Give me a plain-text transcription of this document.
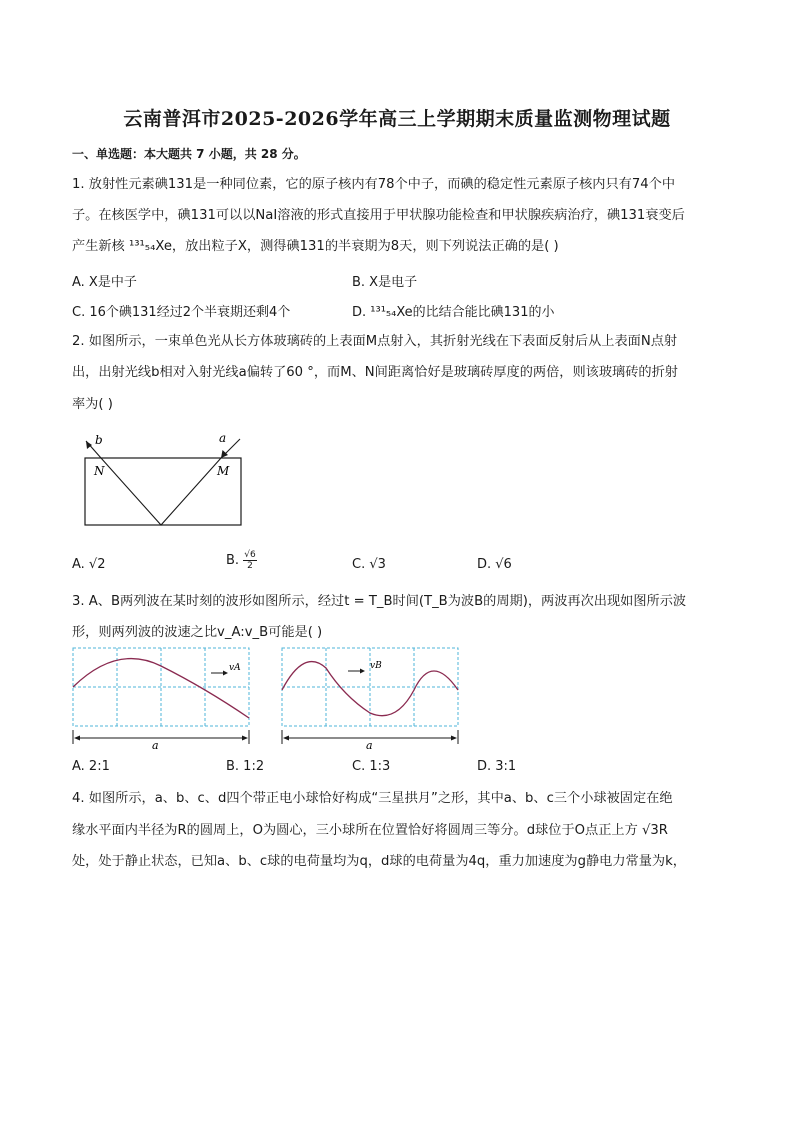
云南普洱市2025-2026学年高三上学期期末质量监测物理试题
一、单选题：本大题共 7 小题，共 28 分。
1. 放射性元素碘131是一种同位素，它的原子核内有78个中子，而碘的稳定性元素原子核内只有74个中
子。在核医学中，碘131可以以NaI溶液的形式直接用于甲状腺功能检查和甲状腺疾病治疗，碘131衰变后
产生新核 ¹³¹₅₄Xe，放出粒子X，测得碘131的半衰期为8天，则下列说法正确的是( )
A. X是中子	B. X是电子
C. 16个碘131经过2个半衰期还剩4个	D. ¹³¹₅₄Xe的比结合能比碘131的小
2. 如图所示，一束单色光从长方体玻璃砖的上表面M点射入，其折射光线在下表面反射后从上表面N点射
出，出射光线b相对入射光线a偏转了60 °，而M、N间距离恰好是玻璃砖厚度的两倍，则该玻璃砖的折射
率为( )
b	a
N	M
A. √2	B. $\frac{√6}{2}$	C. √3	D. √6
3. A、B两列波在某时刻的波形如图所示，经过t = T_B时间(T_B为波B的周期)，两波再次出现如图所示波
形，则两列波的波速之比v_A:v_B可能是( )
vA	vB
a	a
A. 2:1	B. 1:2	C. 1:3	D. 3:1
4. 如图所示，a、b、c、d四个带正电小球恰好构成“三星拱月”之形，其中a、b、c三个小球被固定在绝
缘水平面内半径为R的圆周上，O为圆心，三小球所在位置恰好将圆周三等分。d球位于O点正上方 √3R
处，处于静止状态，已知a、b、c球的电荷量均为q，d球的电荷量为4q，重力加速度为g静电力常量为k，
